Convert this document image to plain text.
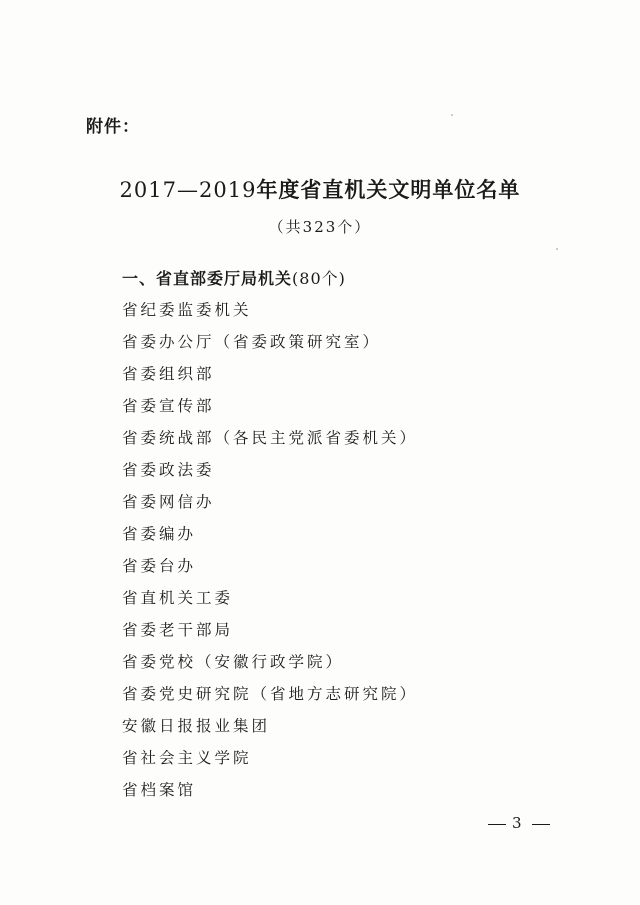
附件：
2017—2019年度省直机关文明单位名单
（共323个）
一、省直部委厅局机关(80个)
省纪委监委机关
省委办公厅（省委政策研究室）
省委组织部
省委宣传部
省委统战部（各民主党派省委机关）
省委政法委
省委网信办
省委编办
省委台办
省直机关工委
省委老干部局
省委党校（安徽行政学院）
省委党史研究院（省地方志研究院）
安徽日报报业集团
省社会主义学院
省档案馆
3
